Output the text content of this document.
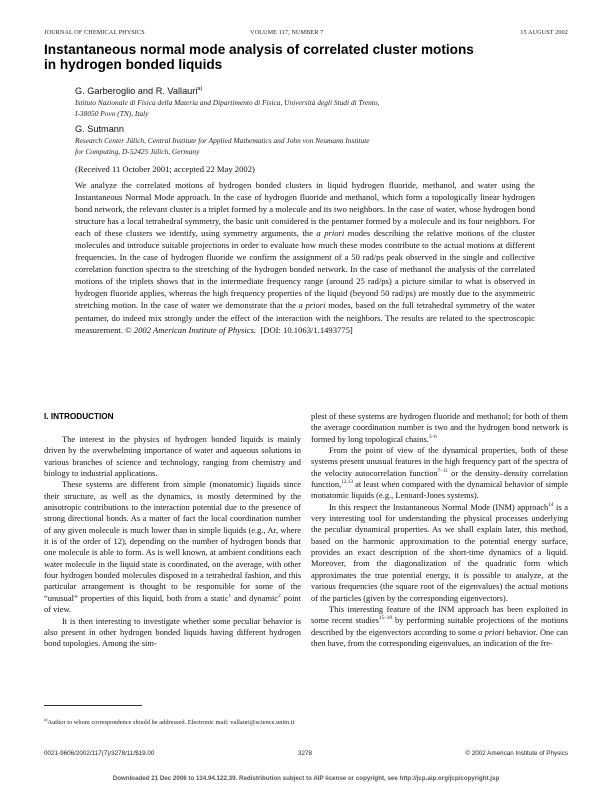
JOURNAL OF CHEMICAL PHYSICS	VOLUME 117, NUMBER 7	15 AUGUST 2002
Instantaneous normal mode analysis of correlated cluster motions
in hydrogen bonded liquids
G. Garberoglio and R. Vallauri$^{a)}$
Istituto Nazionale di Fisica della Materia and Dipartimento di Fisica, Università degli Studi di Trento,
I-38050 Povo (TN), Italy
G. Sutmann
Research Center Jülich, Central Institute for Applied Mathematics and John von Neumann Institute
for Computing, D-52425 Jülich, Germany
(Received 11 October 2001; accepted 22 May 2002)
We analyze the correlated motions of hydrogen bonded clusters in liquid hydrogen fluoride, methanol, and water using the Instantaneous Normal Mode approach. In the case of hydrogen fluoride and methanol, which form a topologically linear hydrogen bond network, the relevant cluster is a triplet formed by a molecule and its two neighbors. In the case of water, whose hydrogen bond structure has a local tetrahedral symmetry, the basic unit considered is the pentamer formed by a molecule and its four neighbors. For each of these clusters we identify, using symmetry arguments, the a priori modes describing the relative motions of the cluster molecules and introduce suitable projections in order to evaluate how much these modes contribute to the actual motions at different frequencies. In the case of hydrogen fluoride we confirm the assignment of a 50 rad/ps peak observed in the single and collective correlation function spectra to the stretching of the hydrogen bonded network. In the case of methanol the analysis of the correlated motions of the triplets shows that in the intermediate frequency range (around 25 rad/ps) a picture similar to what is observed in hydrogen fluoride applies, whereas the high frequency properties of the liquid (beyond 50 rad/ps) are mostly due to the asymmetric stretching motion. In the case of water we demonstrate that the a priori modes, based on the full tetrahedral symmetry of the water pentamer, do indeed mix strongly under the effect of the interaction with the neighbors. The results are related to the spectroscopic measurement. © 2002 American Institute of Physics. [DOI: 10.1063/1.1493775]
I. INTRODUCTION

The interest in the physics of hydrogen bonded liquids is mainly driven by the overwhelming importance of water and aqueous solutions in various branches of science and technology, ranging from chemistry and biology to industrial applications.

These systems are different from simple (monatomic) liquids since their structure, as well as the dynamics, is mostly determined by the anisotropic contributions to the interaction potential due to the presence of strong directional bonds. As a matter of fact the local coordination number of any given molecule is much lower than in simple liquids (e.g., Ar, where it is of the order of 12), depending on the number of hydrogen bonds that one molecule is able to form. As is well known, at ambient conditions each water molecule in the liquid state is coordinated, on the average, with other four hydrogen bonded molecules disposed in a tetrahedral fashion, and this particular arrangement is thought to be responsible for some of the “unusual” properties of this liquid, both from a static$^1$ and dynamic$^2$ point of view.

It is then interesting to investigate whether some peculiar behavior is also present in other hydrogen bonded liquids having different hydrogen bond topologies. Among the sim-

plest of these systems are hydrogen fluoride and methanol; for both of them the average coordination number is two and the hydrogen bond network is formed by long topological chains.$^{3-6}$

From the point of view of the dynamical properties, both of these systems present unusual features in the high frequency part of the spectra of the velocity autocorrelation function$^{7-11}$ or the density–density correlation function,$^{12,13}$ at least when compared with the dynamical behavior of simple monatomic liquids (e.g., Lennard-Jones systems).

In this respect the Instantaneous Normal Mode (INM) approach$^{14}$ is a very interesting tool for understanding the physical processes underlying the peculiar dynamical properties. As we shall explain later, this method, based on the harmonic approximation to the potential energy surface, provides an exact description of the short-time dynamics of a liquid. Moreover, from the diagonalization of the quadratic form which approximates the true potential energy, it is possible to analyze, at the various frequencies (the square root of the eigenvalues) the actual motions of the particles (given by the corresponding eigenvectors).

This interesting feature of the INM approach has been exploited in some recent studies$^{15-18}$ by performing suitable projections of the motions described by the eigenvectors according to some a priori behavior. One can then have, from the corresponding eigenvalues, an indication of the fre-

$^{a)}$Author to whom correspondence should be addressed. Electronic mail: vallauri@science.unitn.it
0021-9606/2002/117(7)/3278/11/$19.00	3278	© 2002 American Institute of Physics
Downloaded 21 Dec 2006 to 134.94.122.39. Redistribution subject to AIP license or copyright, see http://jcp.aip.org/jcp/copyright.jsp
